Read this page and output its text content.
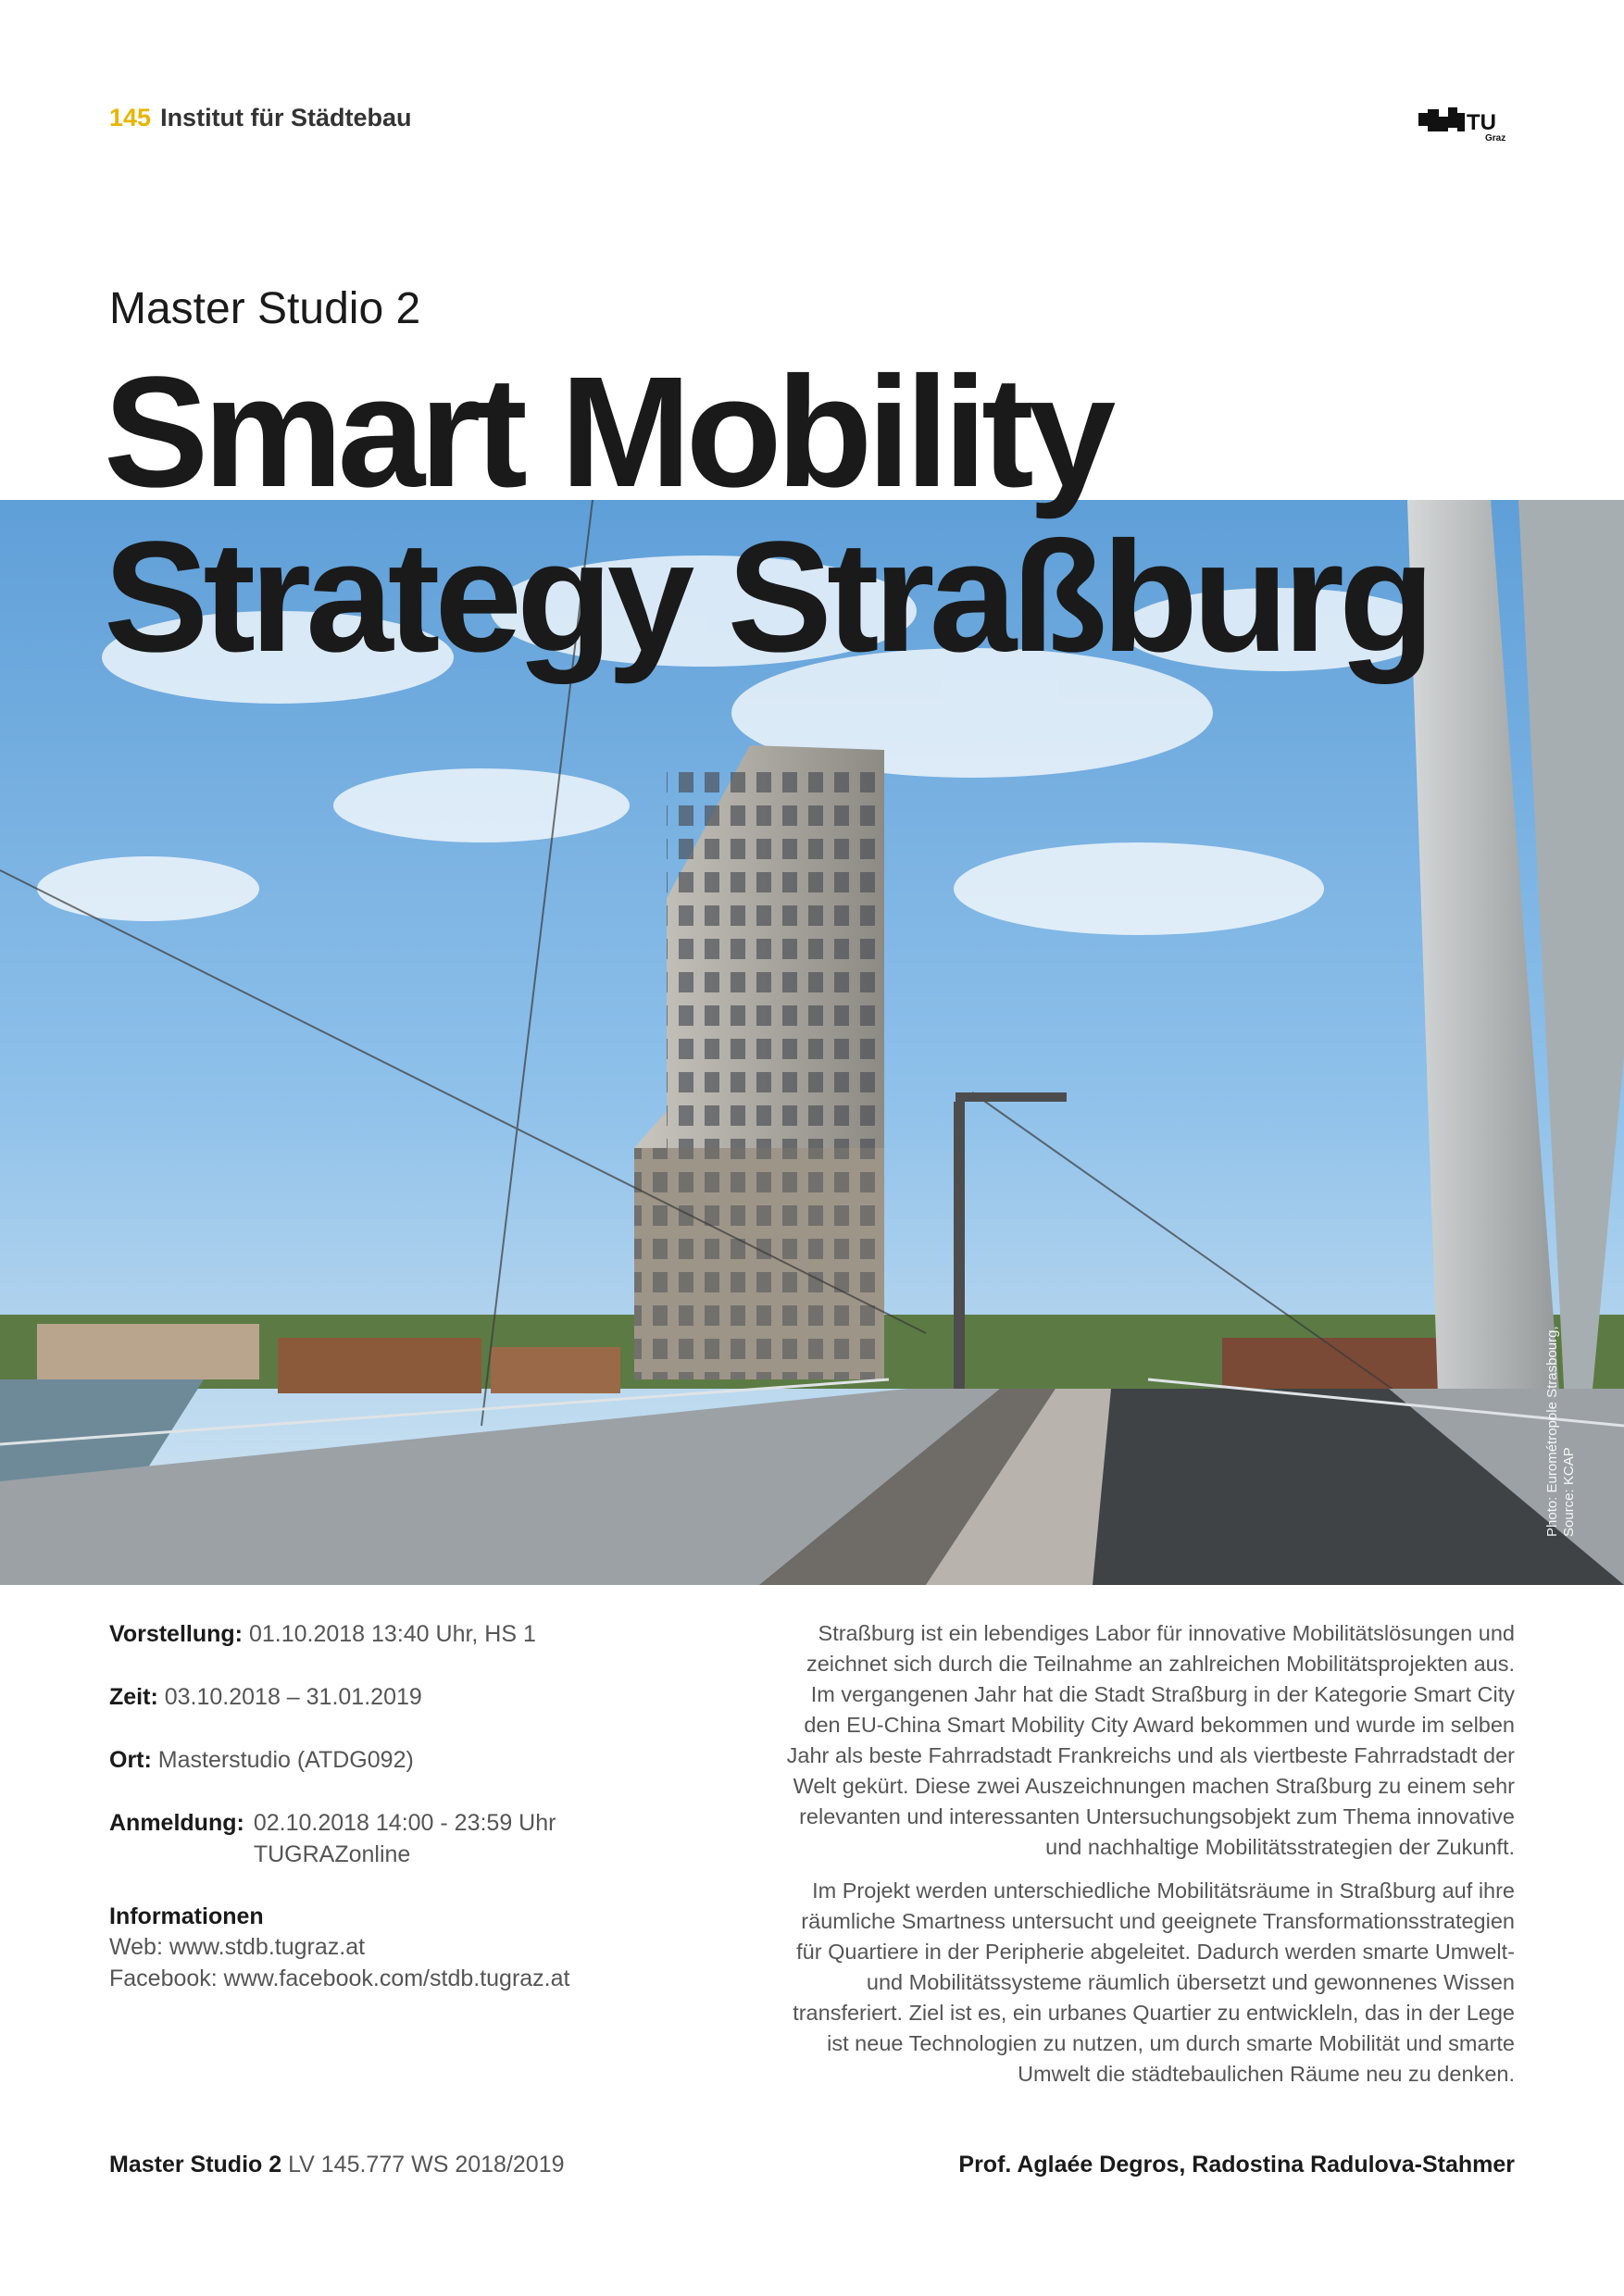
145 Institut für Städtebau	TU
Graz
Master Studio 2
Photo: Eurométropole Strasbourg, Source: KCAP
Smart Mobility
Strategy Straßburg
Vorstellung: 01.10.2018 13:40 Uhr, HS 1
Zeit: 03.10.2018 – 31.01.2019
Ort: Masterstudio (ATDG092)
Anmeldung: 02.10.2018 14:00 - 23:59 Uhr
TUGRAZonline
Informationen
Web: www.stdb.tugraz.at
Facebook: www.facebook.com/stdb.tugraz.at

Straßburg ist ein lebendiges Labor für innovative Mobilitätslösungen und
zeichnet sich durch die Teilnahme an zahlreichen Mobilitätsprojekten aus.
Im vergangenen Jahr hat die Stadt Straßburg in der Kategorie Smart City
den EU-China Smart Mobility City Award bekommen und wurde im selben
Jahr als beste Fahrradstadt Frankreichs und als viertbeste Fahrradstadt der
Welt gekürt. Diese zwei Auszeichnungen machen Straßburg zu einem sehr
relevanten und interessanten Untersuchungsobjekt zum Thema innovative
und nachhaltige Mobilitätsstrategien der Zukunft.

Im Projekt werden unterschiedliche Mobilitätsräume in Straßburg auf ihre
räumliche Smartness untersucht und geeignete Transformationsstrategien
für Quartiere in der Peripherie abgeleitet. Dadurch werden smarte Umwelt-
und Mobilitätssysteme räumlich übersetzt und gewonnenes Wissen
transferiert. Ziel ist es, ein urbanes Quartier zu entwickleln, das in der Lege
ist neue Technologien zu nutzen, um durch smarte Mobilität und smarte
Umwelt die städtebaulichen Räume neu zu denken.

Master Studio 2 LV 145.777 WS 2018/2019	Prof. Aglaée Degros, Radostina Radulova-Stahmer
